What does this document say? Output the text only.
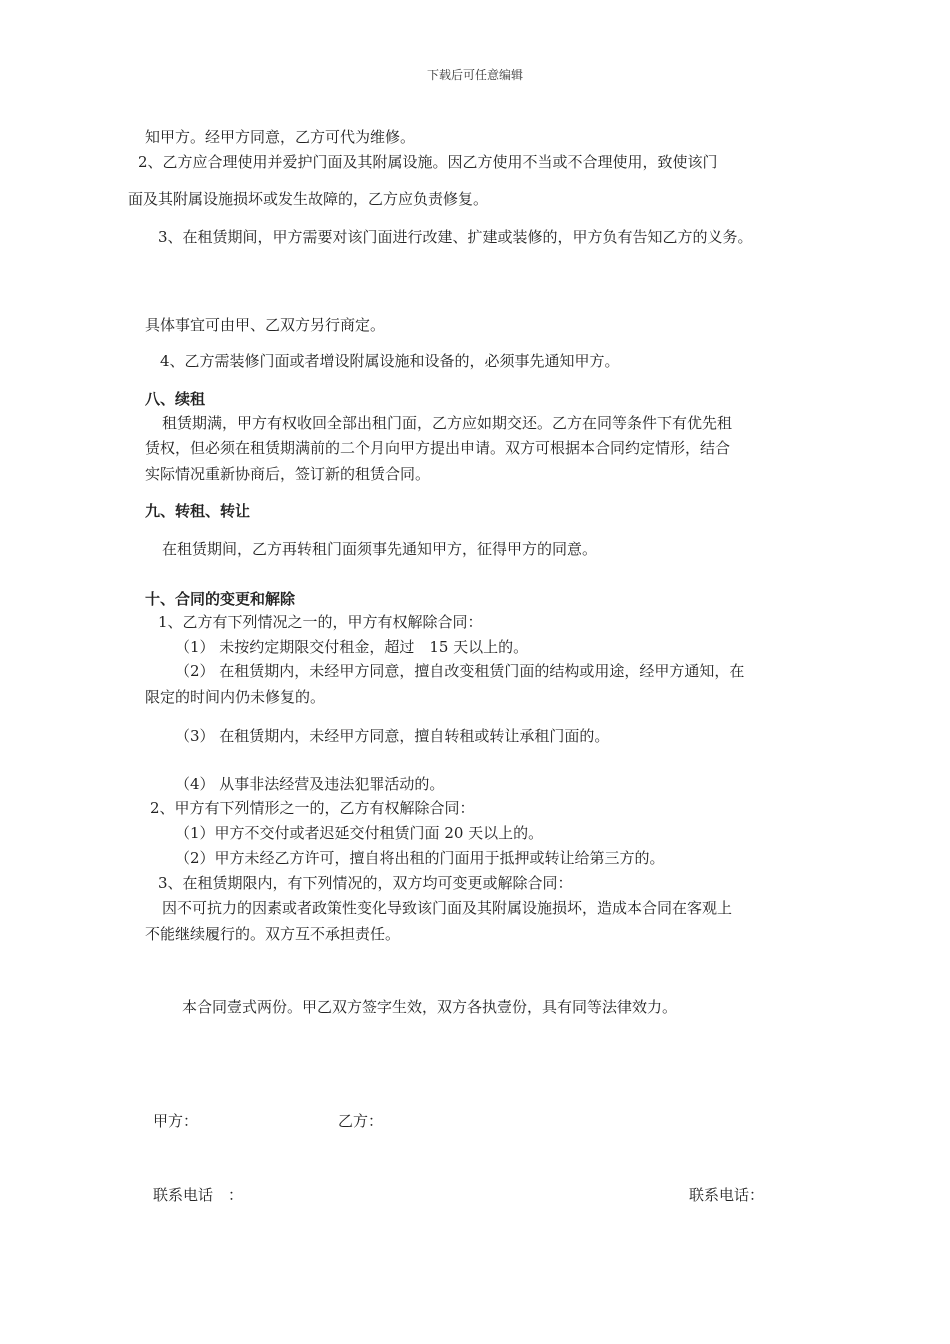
下载后可任意编辑
知甲方。经甲方同意，乙方可代为维修。
2、乙方应合理使用并爱护门面及其附属设施。因乙方使用不当或不合理使用，致使该门
面及其附属设施损坏或发生故障的，乙方应负责修复。
3、在租赁期间，甲方需要对该门面进行改建、扩建或装修的，甲方负有告知乙方的义务。
具体事宜可由甲、乙双方另行商定。
4、乙方需装修门面或者增设附属设施和设备的，必须事先通知甲方。
八、续租
租赁期满，甲方有权收回全部出租门面，乙方应如期交还。乙方在同等条件下有优先租
赁权，但必须在租赁期满前的二个月向甲方提出申请。双方可根据本合同约定情形，结合
实际情况重新协商后，签订新的租赁合同。
九、转租、转让
在租赁期间，乙方再转租门面须事先通知甲方，征得甲方的同意。
十、合同的变更和解除
1、乙方有下列情况之一的，甲方有权解除合同：
（1） 未按约定期限交付租金，超过　15 天以上的。
（2） 在租赁期内，未经甲方同意，擅自改变租赁门面的结构或用途，经甲方通知，在
限定的时间内仍未修复的。
（3） 在租赁期内，未经甲方同意，擅自转租或转让承租门面的。
（4） 从事非法经营及违法犯罪活动的。
2、甲方有下列情形之一的，乙方有权解除合同：
（1）甲方不交付或者迟延交付租赁门面 20 天以上的。
（2）甲方未经乙方许可，擅自将出租的门面用于抵押或转让给第三方的。
3、在租赁期限内，有下列情况的，双方均可变更或解除合同：
因不可抗力的因素或者政策性变化导致该门面及其附属设施损坏，造成本合同在客观上
不能继续履行的。双方互不承担责任。
本合同壹式两份。甲乙双方签字生效，双方各执壹份，具有同等法律效力。
甲方：	乙方：
联系电话　：	联系电话：
